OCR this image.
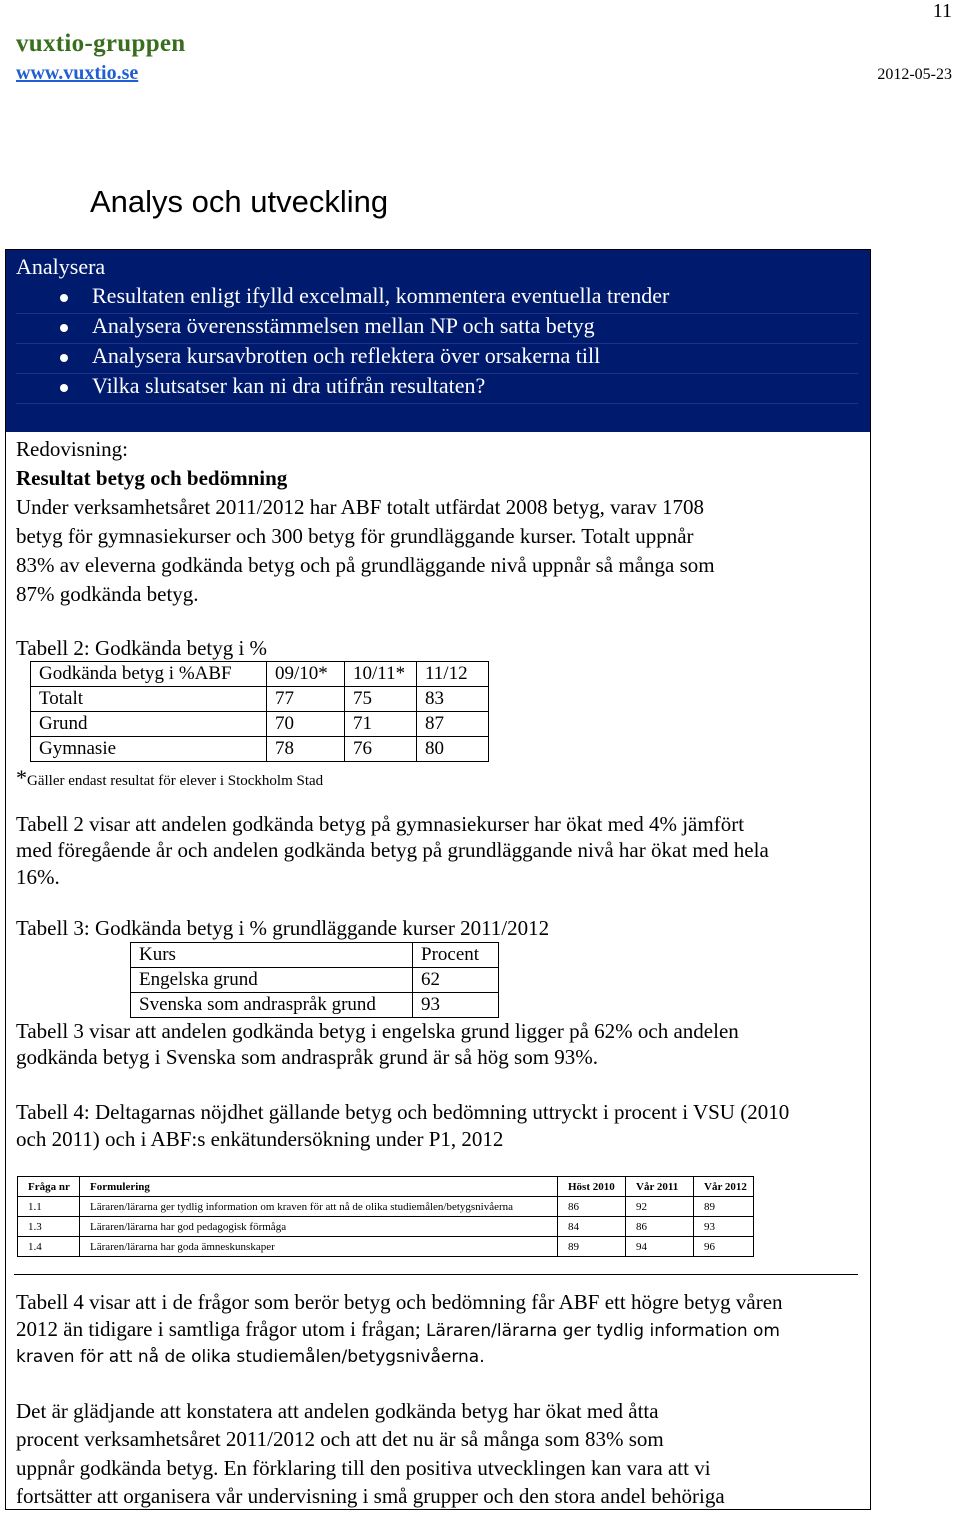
11
vuxtio-gruppen
www.vuxtio.se	2012-05-23
Analys och utveckling
Analysera
Resultaten enligt ifylld excelmall, kommentera eventuella trender
Analysera överensstämmelsen mellan NP och satta betyg
Analysera kursavbrotten och reflektera över orsakerna till
Vilka slutsatser kan ni dra utifrån resultaten?
Redovisning:
Resultat betyg och bedömning
Under verksamhetsåret 2011/2012 har ABF totalt utfärdat 2008 betyg, varav 1708
betyg för gymnasiekurser och 300 betyg för grundläggande kurser. Totalt uppnår
83% av eleverna godkända betyg och på grundläggande nivå uppnår så många som
87% godkända betyg.
Tabell 2: Godkända betyg i %
Godkända betyg i %ABF	09/10*	10/11*	11/12
Totalt	77	75	83
Grund	70	71	87
Gymnasie	78	76	80
*Gäller endast resultat för elever i Stockholm Stad
Tabell 2 visar att andelen godkända betyg på gymnasiekurser har ökat med 4% jämfört
med föregående år och andelen godkända betyg på grundläggande nivå har ökat med hela
16%.
Tabell 3: Godkända betyg i % grundläggande kurser 2011/2012
Kurs	Procent
Engelska grund	62
Svenska som andraspråk grund	93
Tabell 3 visar att andelen godkända betyg i engelska grund ligger på 62% och andelen
godkända betyg i Svenska som andraspråk grund är så hög som 93%.
Tabell 4: Deltagarnas nöjdhet gällande betyg och bedömning uttryckt i procent i VSU (2010
och 2011) och i ABF:s enkätundersökning under P1, 2012
Fråga nr	Formulering	Höst 2010	Vår 2011	Vår 2012
1.1	Läraren/lärarna ger tydlig information om kraven för att nå de olika studiemålen/betygsnivåerna	86	92	89
1.3	Läraren/lärarna har god pedagogisk förmåga	84	86	93
1.4	Läraren/lärarna har goda ämneskunskaper	89	94	96
Tabell 4 visar att i de frågor som berör betyg och bedömning får ABF ett högre betyg våren
2012 än tidigare i samtliga frågor utom i frågan; Läraren/lärarna ger tydlig information om
kraven för att nå de olika studiemålen/betygsnivåerna.
Det är glädjande att konstatera att andelen godkända betyg har ökat med åtta
procent verksamhetsåret 2011/2012 och att det nu är så många som 83% som
uppnår godkända betyg. En förklaring till den positiva utvecklingen kan vara att vi
fortsätter att organisera vår undervisning i små grupper och den stora andel behöriga
